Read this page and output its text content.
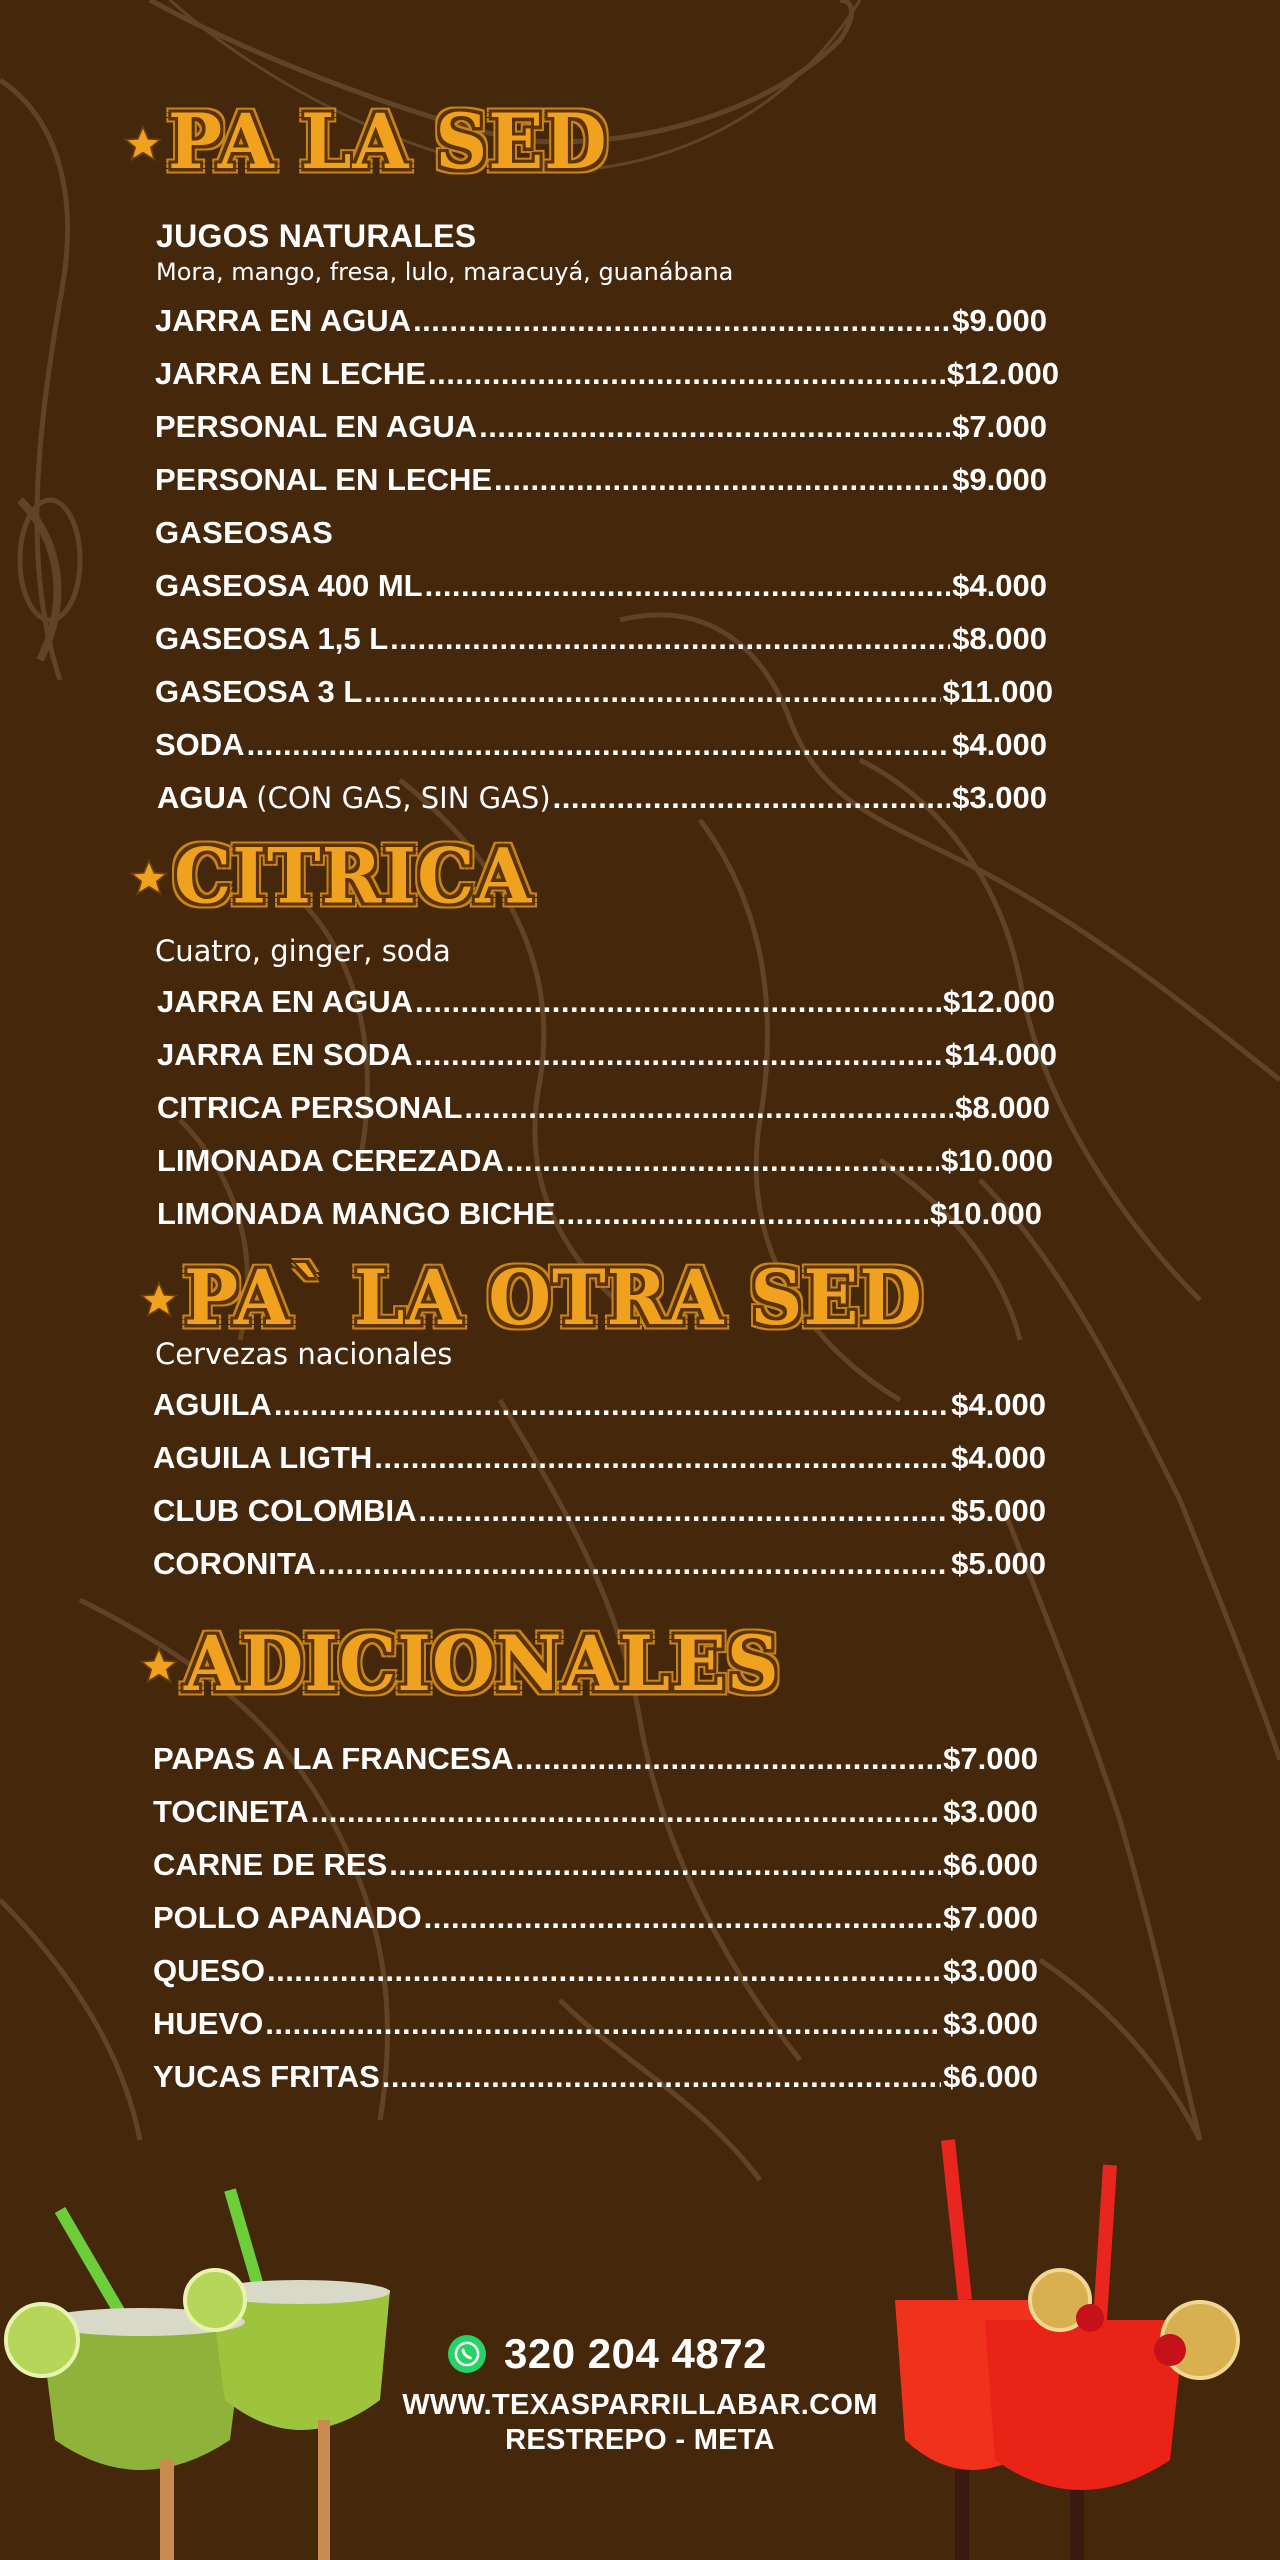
PA LA SED
JUGOS NATURALES
Mora, mango, fresa, lulo, maracuyá, guanábana
JARRA EN AGUA .....	$9.000
JARRA EN LECHE .....	$12.000
PERSONAL EN AGUA .....	$7.000
PERSONAL EN LECHE .....	$9.000
GASEOSAS
GASEOSA 400 ML .....	$4.000
GASEOSA 1,5 L .....	$8.000
GASEOSA 3 L .....	$11.000
SODA .....	$4.000
AGUA (CON GAS, SIN GAS) .....	$3.000
CITRICA
Cuatro, ginger, soda
JARRA EN AGUA .....	$12.000
JARRA EN SODA .....	$14.000
CITRICA PERSONAL .....	$8.000
LIMONADA CEREZADA .....	$10.000
LIMONADA MANGO BICHE .....	$10.000
PA` LA OTRA SED
Cervezas nacionales
AGUILA .....	$4.000
AGUILA LIGTH .....	$4.000
CLUB COLOMBIA .....	$5.000
CORONITA .....	$5.000
ADICIONALES
PAPAS A LA FRANCESA .....	$7.000
TOCINETA .....	$3.000
CARNE DE RES .....	$6.000
POLLO APANADO .....	$7.000
QUESO .....	$3.000
HUEVO .....	$3.000
YUCAS FRITAS .....	$6.000
320 204 4872
WWW.TEXASPARRILLABAR.COM
RESTREPO - META
